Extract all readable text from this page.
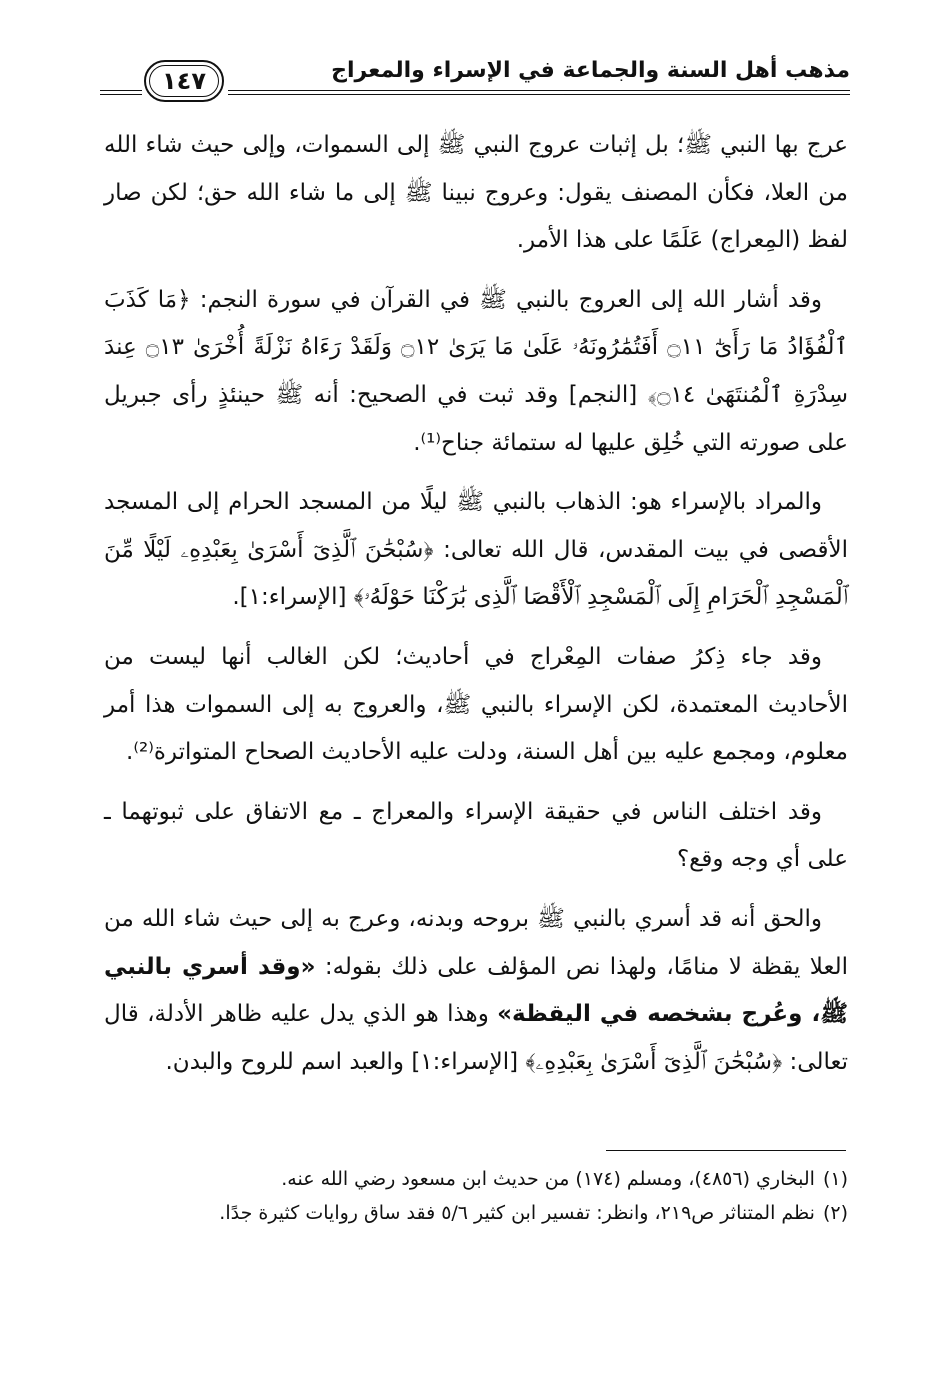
مذهب أهل السنة والجماعة في الإسراء والمعراج
١٤٧

عرج بها النبي ﷺ؛ بل إثبات عروج النبي ﷺ إلى السموات، وإلى حيث شاء الله من العلا، فكأن المصنف يقول: وعروج نبينا ﷺ إلى ما شاء الله حق؛ لكن صار لفظ (المِعراج) عَلَمًا على هذا الأمر.

وقد أشار الله إلى العروج بالنبي ﷺ في القرآن في سورة النجم: ﴿مَا كَذَبَ ٱلْفُؤَادُ مَا رَأَىٰٓ ۝١١ أَفَتُمَٰرُونَهُۥ عَلَىٰ مَا يَرَىٰ ۝١٢ وَلَقَدْ رَءَاهُ نَزْلَةً أُخْرَىٰ ۝١٣ عِندَ سِدْرَةِ ٱلْمُنتَهَىٰ ۝١٤﴾ [النجم] وقد ثبت في الصحيح: أنه ﷺ حينئذٍ رأى جبريل على صورته التي خُلِق عليها له ستمائة جناح⁽¹⁾.

والمراد بالإسراء هو: الذهاب بالنبي ﷺ ليلًا من المسجد الحرام إلى المسجد الأقصى في بيت المقدس، قال الله تعالى: ﴿سُبْحَٰنَ ٱلَّذِىٓ أَسْرَىٰ بِعَبْدِهِۦ لَيْلًا مِّنَ ٱلْمَسْجِدِ ٱلْحَرَامِ إِلَى ٱلْمَسْجِدِ ٱلْأَقْصَا ٱلَّذِى بَٰرَكْنَا حَوْلَهُۥ﴾ [الإسراء:١].

وقد جاء ذِكرُ صفات المِعْراج في أحاديث؛ لكن الغالب أنها ليست من الأحاديث المعتمدة، لكن الإسراء بالنبي ﷺ، والعروج به إلى السموات هذا أمر معلوم، ومجمع عليه بين أهل السنة، ودلت عليه الأحاديث الصحاح المتواترة⁽²⁾.

وقد اختلف الناس في حقيقة الإسراء والمعراج ـ مع الاتفاق على ثبوتهما ـ على أي وجه وقع؟

والحق أنه قد أسري بالنبي ﷺ بروحه وبدنه، وعرج به إلى حيث شاء الله من العلا يقظة لا منامًا، ولهذا نص المؤلف على ذلك بقوله: «وقد أسري بالنبي ﷺ، وعُرج بشخصه في اليقظة» وهذا هو الذي يدل عليه ظاهر الأدلة، قال تعالى: ﴿سُبْحَٰنَ ٱلَّذِىٓ أَسْرَىٰ بِعَبْدِهِۦ﴾ [الإسراء:١] والعبد اسم للروح والبدن.

(١)البخاري (٤٨٥٦)، ومسلم (١٧٤) من حديث ابن مسعود رضي الله عنه.

(٢)نظم المتناثر ص٢١٩، وانظر: تفسير ابن كثير ٥/٦ فقد ساق روايات كثيرة جدًا.
